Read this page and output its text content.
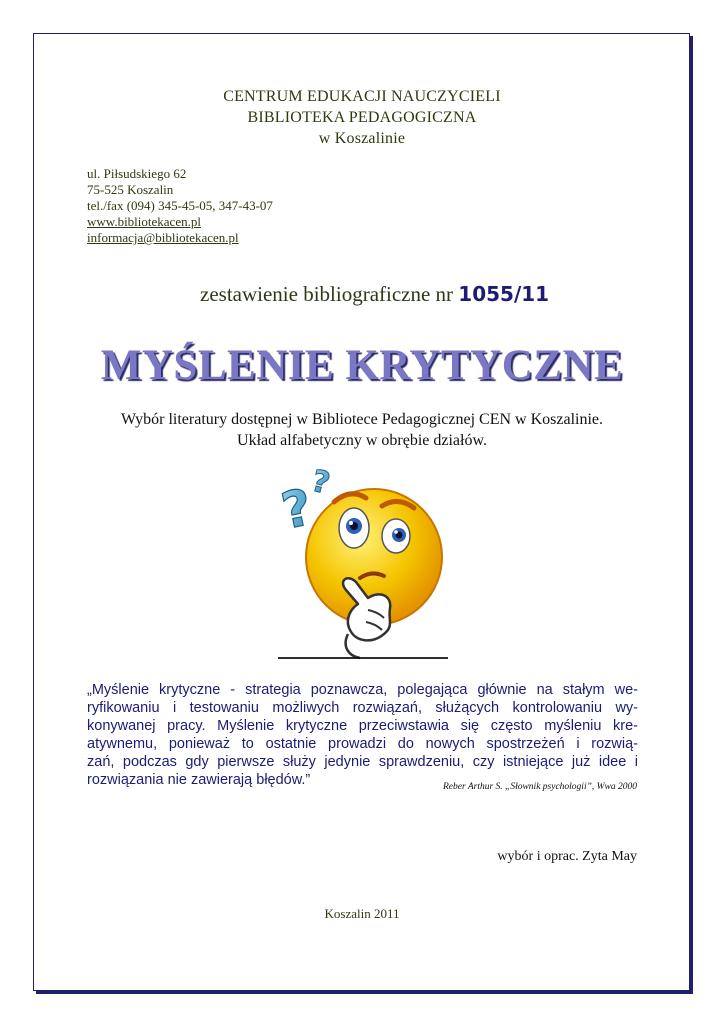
CENTRUM EDUKACJI NAUCZYCIELI
BIBLIOTEKA PEDAGOGICZNA
w Koszalinie
ul. Piłsudskiego 62
75-525 Koszalin
tel./fax (094) 345-45-05, 347-43-07
www.bibliotekacen.pl
informacja@bibliotekacen.pl
zestawienie bibliograficzne nr 1055/11
MYŚLENIE KRYTYCZNE
Wybór literatury dostępnej w Bibliotece Pedagogicznej CEN w Koszalinie.
Układ alfabetyczny w obrębie działów.
?
?
„Myślenie krytyczne - strategia poznawcza, polegająca głównie na stałym we-
ryfikowaniu i testowaniu możliwych rozwiązań, służących kontrolowaniu wy-
konywanej pracy. Myślenie krytyczne przeciwstawia się często myśleniu kre-
atywnemu, ponieważ to ostatnie prowadzi do nowych spostrzeżeń i rozwią-
zań, podczas gdy pierwsze służy jedynie sprawdzeniu, czy istniejące już idee i
rozwiązania nie zawierają błędów.”	Reber Arthur S. „Słownik psychologii”, Wwa 2000
wybór i oprac. Zyta May
Koszalin 2011
